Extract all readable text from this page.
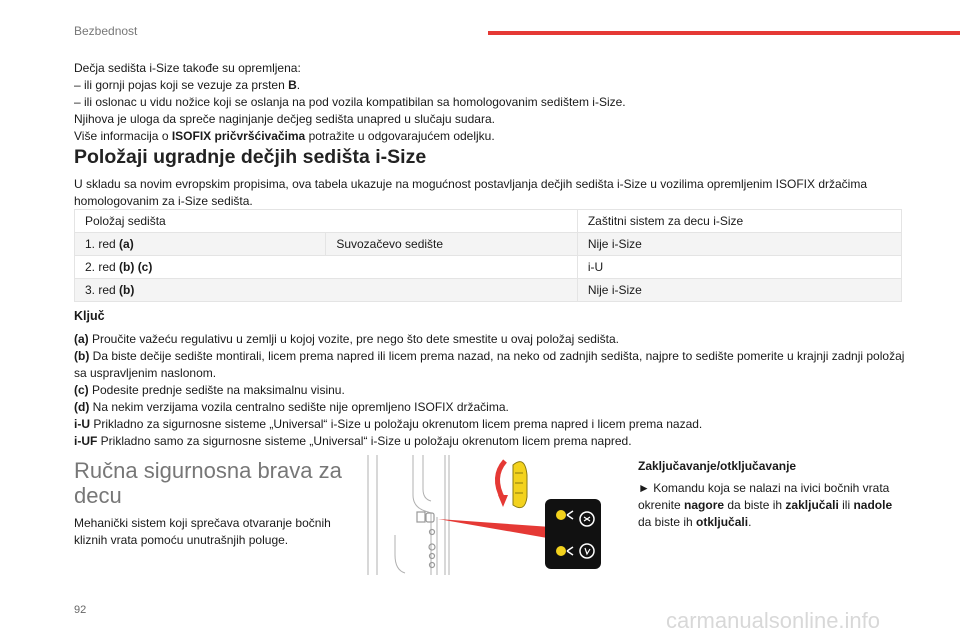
Bezbednost

Dečja sedišta i-Size takođe su opremljena:

– ili gornji pojas koji se vezuje za prsten B.

– ili oslonac u vidu nožice koji se oslanja na pod vozila kompatibilan sa homologovanim sedištem i-Size.

Njihova je uloga da spreče naginjanje dečjeg sedišta unapred u slučaju sudara.

Više informacija o ISOFIX pričvršćivačima potražite u odgovarajućem odeljku.

Položaji ugradnje dečjih sedišta i-Size

U skladu sa novim evropskim propisima, ova tabela ukazuje na mogućnost postavljanja dečjih sedišta i-Size u vozilima opremljenim ISOFIX držačima homologovanim za i-Size sedišta.

Položaj sedišta		Zaštitni sistem za decu i-Size
1. red (a)	Suvozačevo sedište	Nije i-Size
2. red (b) (c)		i-U
3. red (b)		Nije i-Size
Ključ

(a) Proučite važeću regulativu u zemlji u kojoj vozite, pre nego što dete smestite u ovaj položaj sedišta.

(b) Da biste dečije sedište montirali, licem prema napred ili licem prema nazad, na neko od zadnjih sedišta, najpre to sedište pomerite u krajnji zadnji položaj sa uspravljenim naslonom.

(c) Podesite prednje sedište na maksimalnu visinu.

(d) Na nekim verzijama vozila centralno sedište nije opremljeno ISOFIX držačima.

i-U Prikladno za sigurnosne sisteme „Universal“ i-Size u položaju okrenutom licem prema napred i licem prema nazad.

i-UF Prikladno samo za sigurnosne sisteme „Universal“ i-Size u položaju okrenutom licem prema napred.

Ručna sigurnosna brava za decu

Mehanički sistem koji sprečava otvaranje bočnih kliznih vrata pomoću unutrašnjih poluge.

Zaključavanje/otključavanje

► Komandu koja se nalazi na ivici bočnih vrata okrenite nagore da biste ih zaključali ili nadole da biste ih otključali.

92	carmanualsonline.info
